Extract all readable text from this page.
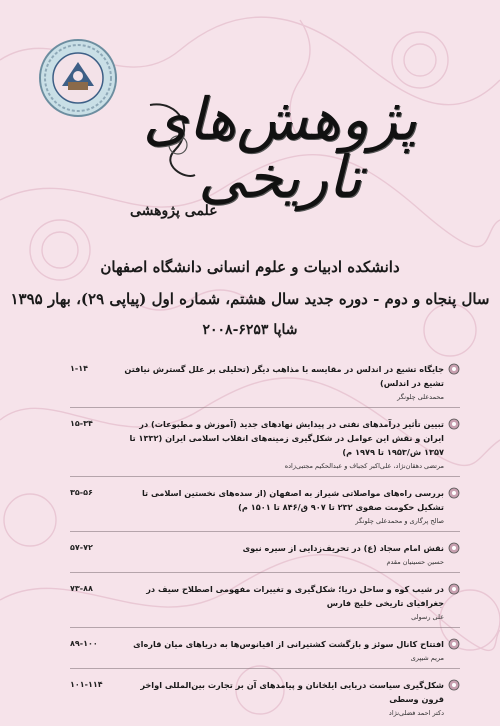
پژوهش‌های تاریخی
علمی پژوهشی
دانشکده ادبیات و علوم انسانی دانشگاه اصفهان
سال پنجاه و دوم - دوره جدید سال هشتم، شماره اول (پیاپی ۲۹)، بهار ۱۳۹۵
شاپا ۶۲۵۳-۲۰۰۸
جایگاه تشیع در اندلس در مقایسه با مذاهب دیگر (تحلیلی بر علل گسترش نیافتن تشیع در اندلس)
۱-۱۴
محمدعلی چلونگر
تبیین تأثیر درآمدهای نفتی در پیدایش نهادهای جدید (آموزش و مطبوعات) در ایران و نقش این عوامل در شکل‌گیری زمینه‌های انقلاب اسلامی ایران (۱۳۳۲ تا ۱۳۵۷ ش/۱۹۵۳ تا ۱۹۷۹ م)
۱۵-۳۴
مرتضی دهقان‌نژاد، علی‌اکبر کجباف و عبدالحکیم مجتبی‌زاده
بررسی راه‌های مواصلاتی شیراز به اصفهان (از سده‌های نخستین اسلامی تا تشکیل حکومت صفوی ۲۳۲ تا ۹۰۷ ق/۸۴۶ تا ۱۵۰۱ م)
۳۵-۵۶
صالح پرگاری و محمدعلی چلونگر
نقش امام سجاد (ع) در تحریف‌زدایی از سیره نبوی
۵۷-۷۲
حسین حسینیان مقدم
در شیب کوه و ساحل دریا؛ شکل‌گیری و تغییرات مفهومی اصطلاح سیف در جغرافیای تاریخی خلیج فارس
۷۳-۸۸
علی رسولی
افتتاح کانال سوئز و بازگشت کشتیرانی از اقیانوس‌ها به دریاهای میان قاره‌ای
۸۹-۱۰۰
مریم شیپری
شکل‌گیری سیاست دریایی ایلخانان و پیامدهای آن بر تجارت بین‌المللی اواخر قرون وسطی
۱۰۱-۱۱۴
دکتر احمد فضلی‌نژاد
